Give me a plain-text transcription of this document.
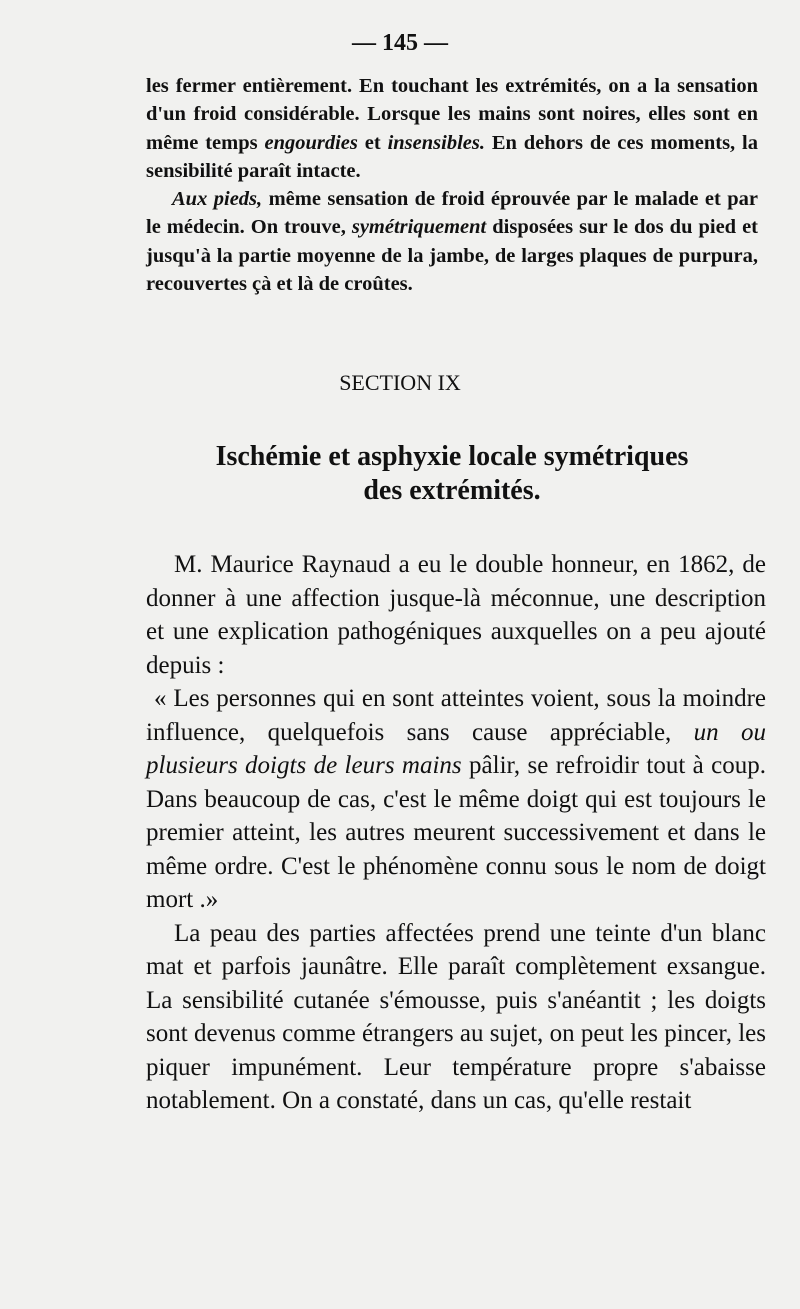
— 145 —

les fermer entièrement. En touchant les extrémités, on a la sensation d'un froid considérable. Lorsque les mains sont noires, elles sont en même temps engourdies et insensibles. En dehors de ces moments, la sensibilité paraît intacte.

Aux pieds, même sensation de froid éprouvée par le malade et par le médecin. On trouve, symétriquement disposées sur le dos du pied et jusqu'à la partie moyenne de la jambe, de larges plaques de purpura, recouvertes çà et là de croûtes.

SECTION IX
Ischémie et asphyxie locale symétriques
des extrémités.

M. Maurice Raynaud a eu le double honneur, en 1862, de donner à une affection jusque-là méconnue, une description et une explication pathogéniques auxquelles on a peu ajouté depuis :

« Les personnes qui en sont atteintes voient, sous la moindre influence, quelquefois sans cause appréciable, un ou plusieurs doigts de leurs mains pâlir, se refroidir tout à coup. Dans beaucoup de cas, c'est le même doigt qui est toujours le premier atteint, les autres meurent successivement et dans le même ordre. C'est le phénomène connu sous le nom de doigt mort .»

La peau des parties affectées prend une teinte d'un blanc mat et parfois jaunâtre. Elle paraît complètement exsangue. La sensibilité cutanée s'émousse, puis s'anéantit ; les doigts sont devenus comme étrangers au sujet, on peut les pincer, les piquer impunément. Leur température propre s'abaisse notablement. On a constaté, dans un cas, qu'elle restait
